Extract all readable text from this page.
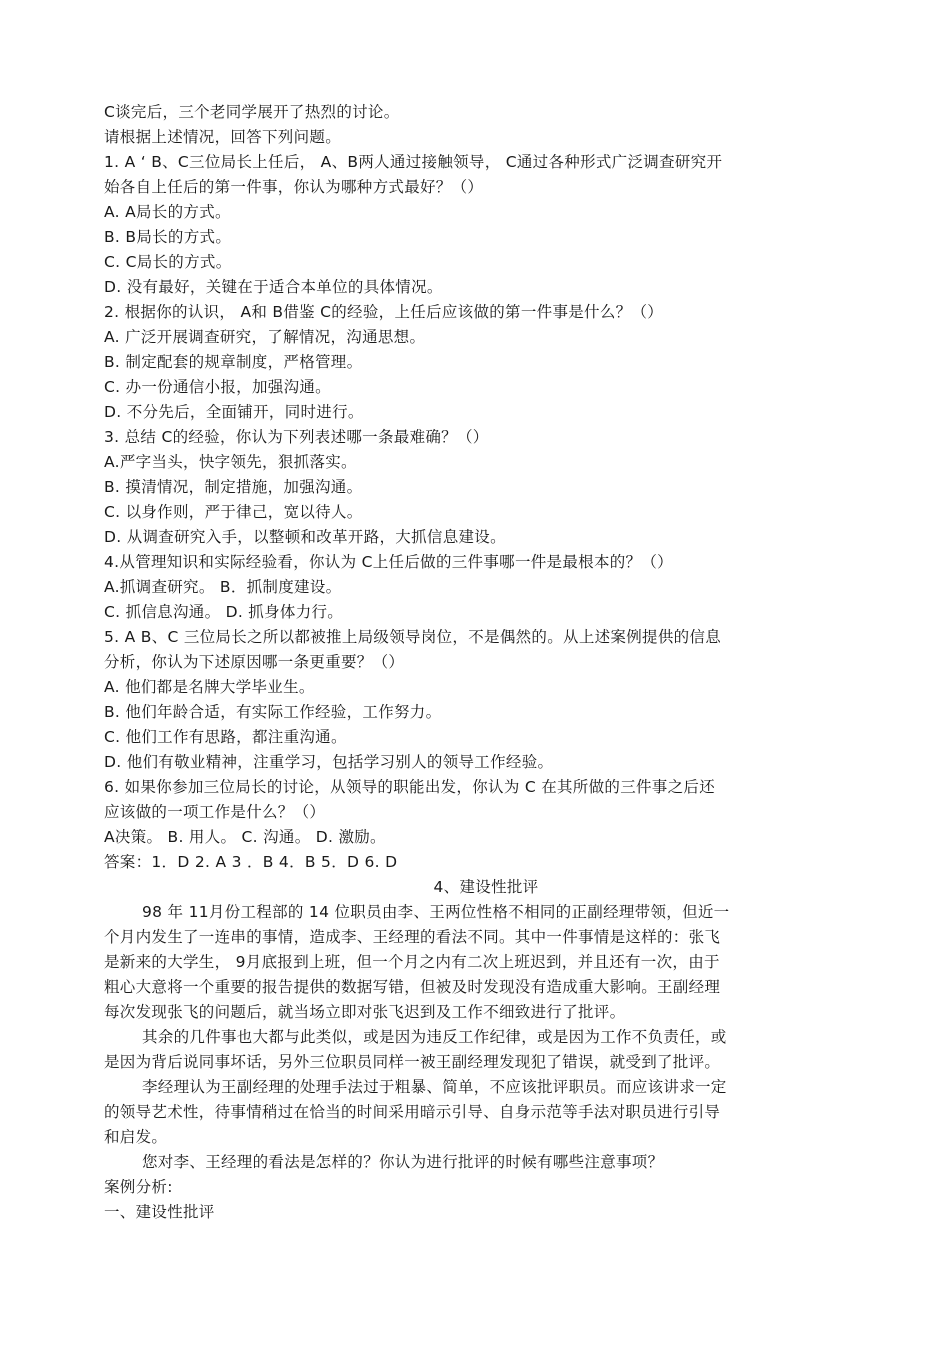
C谈完后，三个老同学展开了热烈的讨论。
请根据上述情况，回答下列问题。
1. A ‘ B、C三位局长上任后， A、B两人通过接触领导， C通过各种形式广泛调查研究开
始各自上任后的第一件事，你认为哪种方式最好？（）
A. A局长的方式。
B. B局长的方式。
C. C局长的方式。
D. 没有最好，关键在于适合本单位的具体情况。
2. 根据你的认识， A和 B借鉴 C的经验，上任后应该做的第一件事是什么？（）
A. 广泛开展调查研究，了解情况，沟通思想。
B. 制定配套的规章制度，严格管理。
C. 办一份通信小报，加强沟通。
D. 不分先后，全面铺开，同时进行。
3. 总结 C的经验，你认为下列表述哪一条最难确？（）
A.严字当头，快字领先，狠抓落实。
B. 摸清情况，制定措施，加强沟通。
C. 以身作则，严于律己，宽以待人。
D. 从调查研究入手，以整顿和改革开路，大抓信息建设。
4.从管理知识和实际经验看，你认为 C上任后做的三件事哪一件是最根本的？（）
A.抓调查研究。 B．抓制度建设。
C. 抓信息沟通。 D. 抓身体力行。
5. A B、C 三位局长之所以都被推上局级领导岗位，不是偶然的。从上述案例提供的信息
分析，你认为下述原因哪一条更重要？（）
A. 他们都是名牌大学毕业生。
B. 他们年龄合适，有实际工作经验，工作努力。
C. 他们工作有思路，都注重沟通。
D. 他们有敬业精神，注重学习，包括学习别人的领导工作经验。
6. 如果你参加三位局长的讨论，从领导的职能出发，你认为 C 在其所做的三件事之后还
应该做的一项工作是什么？（）
A决策。 B. 用人。 C. 沟通。 D. 激励。
答案：1．D 2. A 3 ．B 4．B 5．D 6. D
4、建设性批评
98 年 11月份工程部的 14 位职员由李、王两位性格不相同的正副经理带领，但近一
个月内发生了一连串的事情，造成李、王经理的看法不同。其中一件事情是这样的：张飞
是新来的大学生， 9月底报到上班，但一个月之内有二次上班迟到，并且还有一次，由于
粗心大意将一个重要的报告提供的数据写错，但被及时发现没有造成重大影响。王副经理
每次发现张飞的问题后，就当场立即对张飞迟到及工作不细致进行了批评。
其余的几件事也大都与此类似，或是因为违反工作纪律，或是因为工作不负责任，或
是因为背后说同事坏话，另外三位职员同样一被王副经理发现犯了错误，就受到了批评。
李经理认为王副经理的处理手法过于粗暴、简单，不应该批评职员。而应该讲求一定
的领导艺术性，待事情稍过在恰当的时间采用暗示引导、自身示范等手法对职员进行引导
和启发。
您对李、王经理的看法是怎样的？你认为进行批评的时候有哪些注意事项？
案例分析:
一、建设性批评
